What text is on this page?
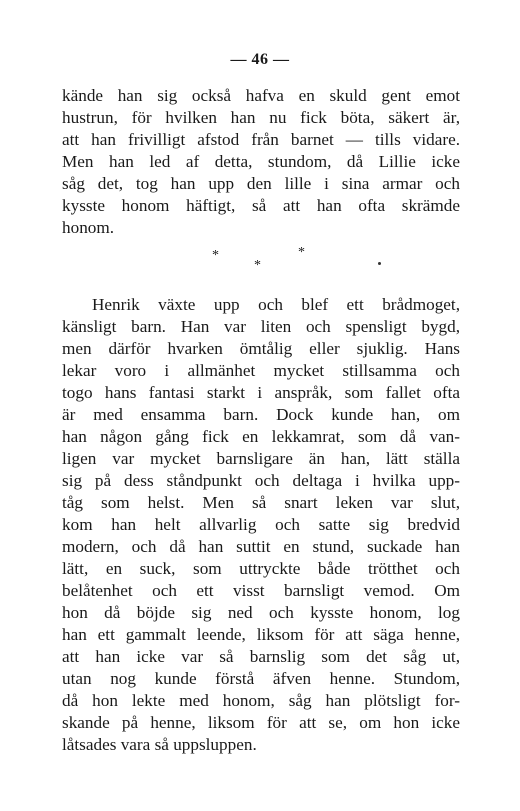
— 46 —
kände han sig också hafva en skuld gent emot
hustrun, för hvilken han nu fick böta, säkert är,
att han frivilligt afstod från barnet — tills vidare.
Men han led af detta, stundom, då Lillie icke
såg det, tog han upp den lille i sina armar och
kysste honom häftigt, så att han ofta skrämde
honom.
*	*
*
Henrik växte upp och blef ett brådmoget,
känsligt barn. Han var liten och spensligt bygd,
men därför hvarken ömtålig eller sjuklig. Hans
lekar voro i allmänhet mycket stillsamma och
togo hans fantasi starkt i anspråk, som fallet ofta
är med ensamma barn. Dock kunde han, om
han någon gång fick en lekkamrat, som då van-
ligen var mycket barnsligare än han, lätt ställa
sig på dess ståndpunkt och deltaga i hvilka upp-
tåg som helst. Men så snart leken var slut,
kom han helt allvarlig och satte sig bredvid
modern, och då han suttit en stund, suckade han
lätt, en suck, som uttryckte både trötthet och
belåtenhet och ett visst barnsligt vemod. Om
hon då böjde sig ned och kysste honom, log
han ett gammalt leende, liksom för att säga henne,
att han icke var så barnslig som det såg ut,
utan nog kunde förstå äfven henne. Stundom,
då hon lekte med honom, såg han plötsligt for-
skande på henne, liksom för att se, om hon icke
låtsades vara så uppsluppen.
